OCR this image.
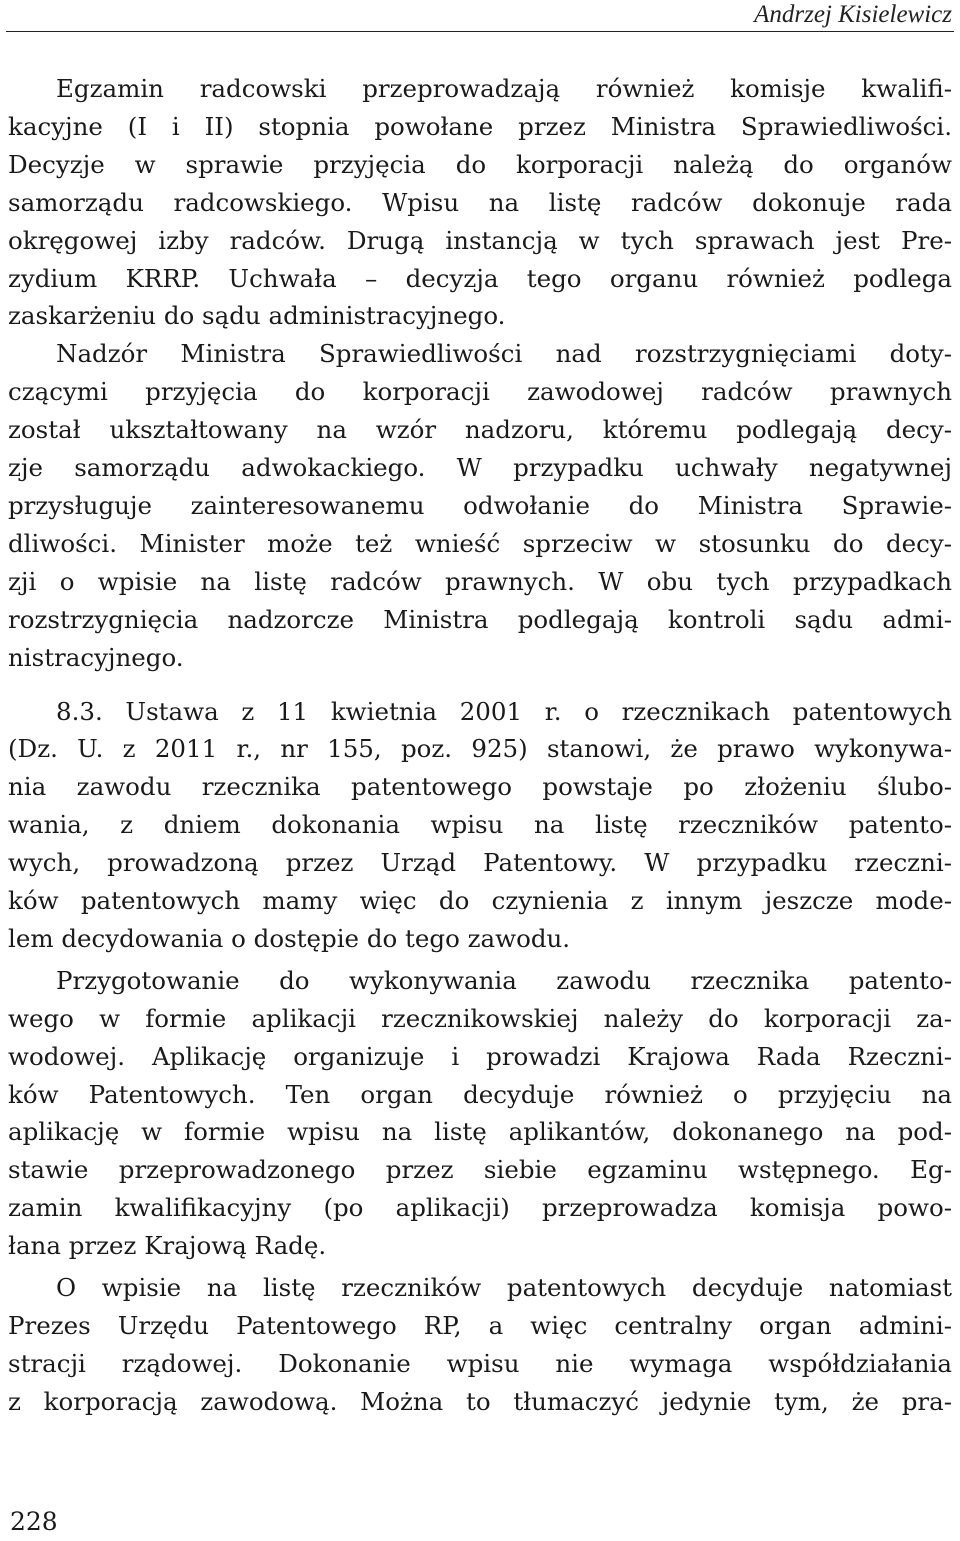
Andrzej Kisielewicz
Egzamin radcowski przeprowadzają również komisje kwalifi-
kacyjne (I i II) stopnia powołane przez Ministra Sprawiedliwości.
Decyzje w sprawie przyjęcia do korporacji należą do organów
samorządu radcowskiego. Wpisu na listę radców dokonuje rada
okręgowej izby radców. Drugą instancją w tych sprawach jest Pre-
zydium KRRP. Uchwała – decyzja tego organu również podlega
zaskarżeniu do sądu administracyjnego.
Nadzór Ministra Sprawiedliwości nad rozstrzygnięciami doty-
czącymi przyjęcia do korporacji zawodowej radców prawnych
został ukształtowany na wzór nadzoru, któremu podlegają decy-
zje samorządu adwokackiego. W przypadku uchwały negatywnej
przysługuje zainteresowanemu odwołanie do Ministra Sprawie-
dliwości. Minister może też wnieść sprzeciw w stosunku do decy-
zji o wpisie na listę radców prawnych. W obu tych przypadkach
rozstrzygnięcia nadzorcze Ministra podlegają kontroli sądu admi-
nistracyjnego.
8.3. Ustawa z 11 kwietnia 2001 r. o rzecznikach patentowych
(Dz. U. z 2011 r., nr 155, poz. 925) stanowi, że prawo wykonywa-
nia zawodu rzecznika patentowego powstaje po złożeniu ślubo-
wania, z dniem dokonania wpisu na listę rzeczników patento-
wych, prowadzoną przez Urząd Patentowy. W przypadku rzeczni-
ków patentowych mamy więc do czynienia z innym jeszcze mode-
lem decydowania o dostępie do tego zawodu.
Przygotowanie do wykonywania zawodu rzecznika patento-
wego w formie aplikacji rzecznikowskiej należy do korporacji za-
wodowej. Aplikację organizuje i prowadzi Krajowa Rada Rzeczni-
ków Patentowych. Ten organ decyduje również o przyjęciu na
aplikację w formie wpisu na listę aplikantów, dokonanego na pod-
stawie przeprowadzonego przez siebie egzaminu wstępnego. Eg-
zamin kwalifikacyjny (po aplikacji) przeprowadza komisja powo-
łana przez Krajową Radę.
O wpisie na listę rzeczników patentowych decyduje natomiast
Prezes Urzędu Patentowego RP, a więc centralny organ admini-
stracji rządowej. Dokonanie wpisu nie wymaga współdziałania
z korporacją zawodową. Można to tłumaczyć jedynie tym, że pra-
228
